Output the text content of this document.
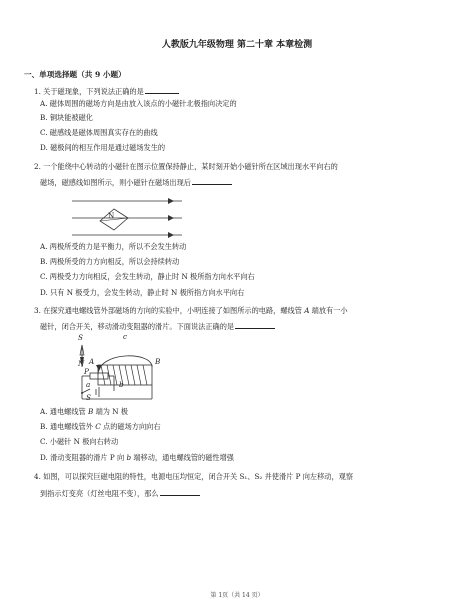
人教版九年级物理 第二十章 本章检测
一、单项选择题（共 9 小题）
1. 关于磁现象，下列说法正确的是
A. 磁体周围的磁场方向是由放入该点的小磁针北极指向决定的
B. 铜块能被磁化
C. 磁感线是磁体周围真实存在的曲线
D. 磁极间的相互作用是通过磁场发生的
2. 一个能绕中心转动的小磁针在图示位置保持静止，某时刻开始小磁针所在区域出现水平向右的
磁场，磁感线如图所示，则小磁针在磁场出现后
N
A. 两极所受的力是平衡力，所以不会发生转动
B. 两极所受的力方向相反，所以会持续转动
C. 两极受力方向相反，会发生转动，静止时 N 极所指方向水平向右
D. 只有 N 极受力，会发生转动，静止时 N 极所指方向水平向右
3. 在探究通电螺线管外部磁场的方向的实验中，小明连接了如图所示的电路，螺线管 A 端放有一小
磁针，闭合开关，移动滑动变阻器的滑片。下面说法正确的是
S
N A	B
c
P
a	b
S
A. 通电螺线管 B 端为 N 极
B. 通电螺线管外 C 点的磁场方向向右
C. 小磁针 N 极向右转动
D. 滑动变阻器的滑片 P 向 b 端移动，通电螺线管的磁性增强
4. 如图，可以探究巨磁电阻的特性，电源电压均恒定，闭合开关 S₁、S₂ 并使滑片 P 向左移动，观察
到指示灯变亮（灯丝电阻不变），那么
第 1页（共 14 页）
